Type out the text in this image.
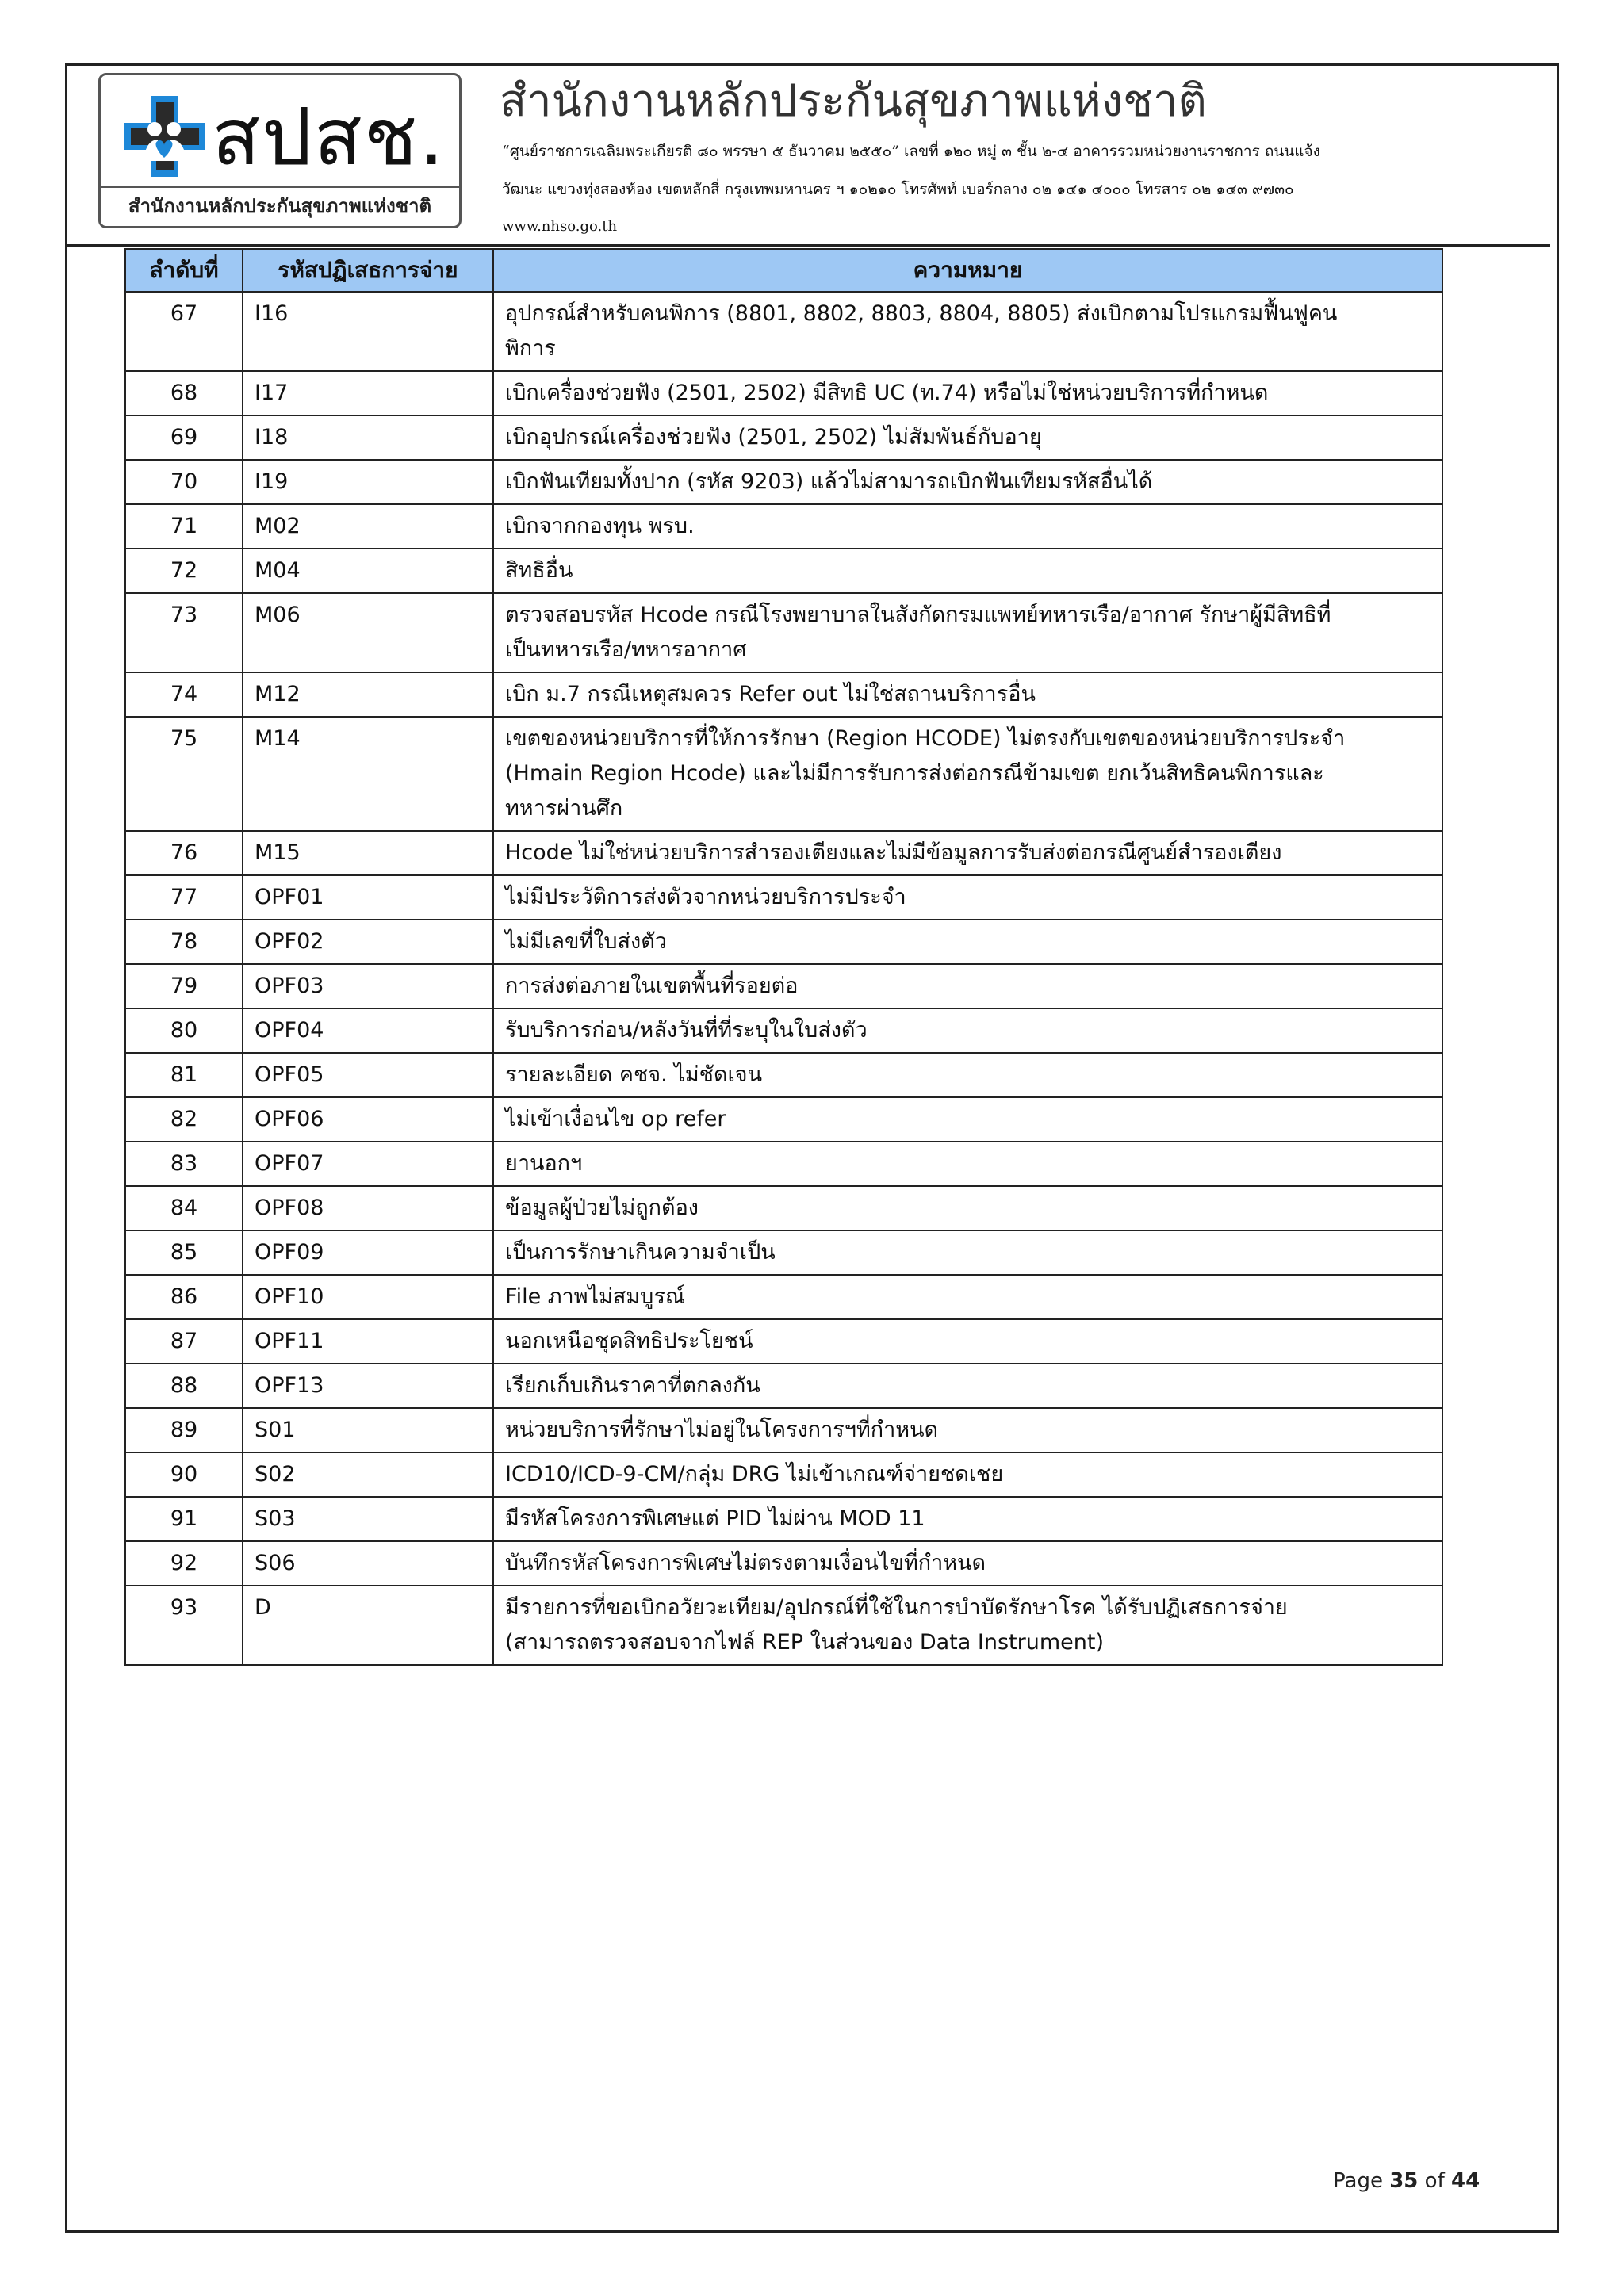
สปสช.
สำนักงานหลักประกันสุขภาพแห่งชาติ
สำนักงานหลักประกันสุขภาพแห่งชาติ
“ศูนย์ราชการเฉลิมพระเกียรติ ๘๐ พรรษา ๕ ธันวาคม ๒๕๕๐” เลขที่ ๑๒๐ หมู่ ๓ ชั้น ๒-๔ อาคารรวมหน่วยงานราชการ ถนนแจ้ง
วัฒนะ แขวงทุ่งสองห้อง เขตหลักสี่ กรุงเทพมหานคร ฯ ๑๐๒๑๐ โทรศัพท์ เบอร์กลาง ๐๒ ๑๔๑ ๔๐๐๐ โทรสาร ๐๒ ๑๔๓ ๙๗๓๐
www.nhso.go.th
ลำดับที่	รหัสปฏิเสธการจ่าย	ความหมาย
67	I16	อุปกรณ์สำหรับคนพิการ (8801, 8802, 8803, 8804, 8805) ส่งเบิกตามโปรแกรมฟื้นฟูคน
พิการ

68	I17	เบิกเครื่องช่วยฟัง (2501, 2502) มีสิทธิ UC (ท.74) หรือไม่ใช่หน่วยบริการที่กำหนด

69	I18	เบิกอุปกรณ์เครื่องช่วยฟัง (2501, 2502) ไม่สัมพันธ์กับอายุ

70	I19	เบิกฟันเทียมทั้งปาก (รหัส 9203) แล้วไม่สามารถเบิกฟันเทียมรหัสอื่นได้

71	M02	เบิกจากกองทุน พรบ.

72	M04	สิทธิอื่น

73	M06	ตรวจสอบรหัส Hcode กรณีโรงพยาบาลในสังกัดกรมแพทย์ทหารเรือ/อากาศ รักษาผู้มีสิทธิที่
เป็นทหารเรือ/ทหารอากาศ

74	M12	เบิก ม.7 กรณีเหตุสมควร Refer out ไม่ใช่สถานบริการอื่น

75	M14	เขตของหน่วยบริการที่ให้การรักษา (Region HCODE) ไม่ตรงกับเขตของหน่วยบริการประจำ
(Hmain Region Hcode) และไม่มีการรับการส่งต่อกรณีข้ามเขต ยกเว้นสิทธิคนพิการและ
ทหารผ่านศึก

76	M15	Hcode ไม่ใช่หน่วยบริการสำรองเตียงและไม่มีข้อมูลการรับส่งต่อกรณีศูนย์สำรองเตียง

77	OPF01	ไม่มีประวัติการส่งตัวจากหน่วยบริการประจำ

78	OPF02	ไม่มีเลขที่ใบส่งตัว

79	OPF03	การส่งต่อภายในเขตพื้นที่รอยต่อ

80	OPF04	รับบริการก่อน/หลังวันที่ที่ระบุในใบส่งตัว

81	OPF05	รายละเอียด คชจ. ไม่ชัดเจน

82	OPF06	ไม่เข้าเงื่อนไข op refer

83	OPF07	ยานอกฯ

84	OPF08	ข้อมูลผู้ป่วยไม่ถูกต้อง

85	OPF09	เป็นการรักษาเกินความจำเป็น

86	OPF10	File ภาพไม่สมบูรณ์

87	OPF11	นอกเหนือชุดสิทธิประโยชน์

88	OPF13	เรียกเก็บเกินราคาที่ตกลงกัน

89	S01	หน่วยบริการที่รักษาไม่อยู่ในโครงการฯที่กำหนด

90	S02	ICD10/ICD-9-CM/กลุ่ม DRG ไม่เข้าเกณฑ์จ่ายชดเชย

91	S03	มีรหัสโครงการพิเศษแต่ PID ไม่ผ่าน MOD 11

92	S06	บันทึกรหัสโครงการพิเศษไม่ตรงตามเงื่อนไขที่กำหนด

93	D	มีรายการที่ขอเบิกอวัยวะเทียม/อุปกรณ์ที่ใช้ในการบำบัดรักษาโรค ได้รับปฏิเสธการจ่าย
(สามารถตรวจสอบจากไฟล์ REP ในส่วนของ Data Instrument)
Page 35 of 44
